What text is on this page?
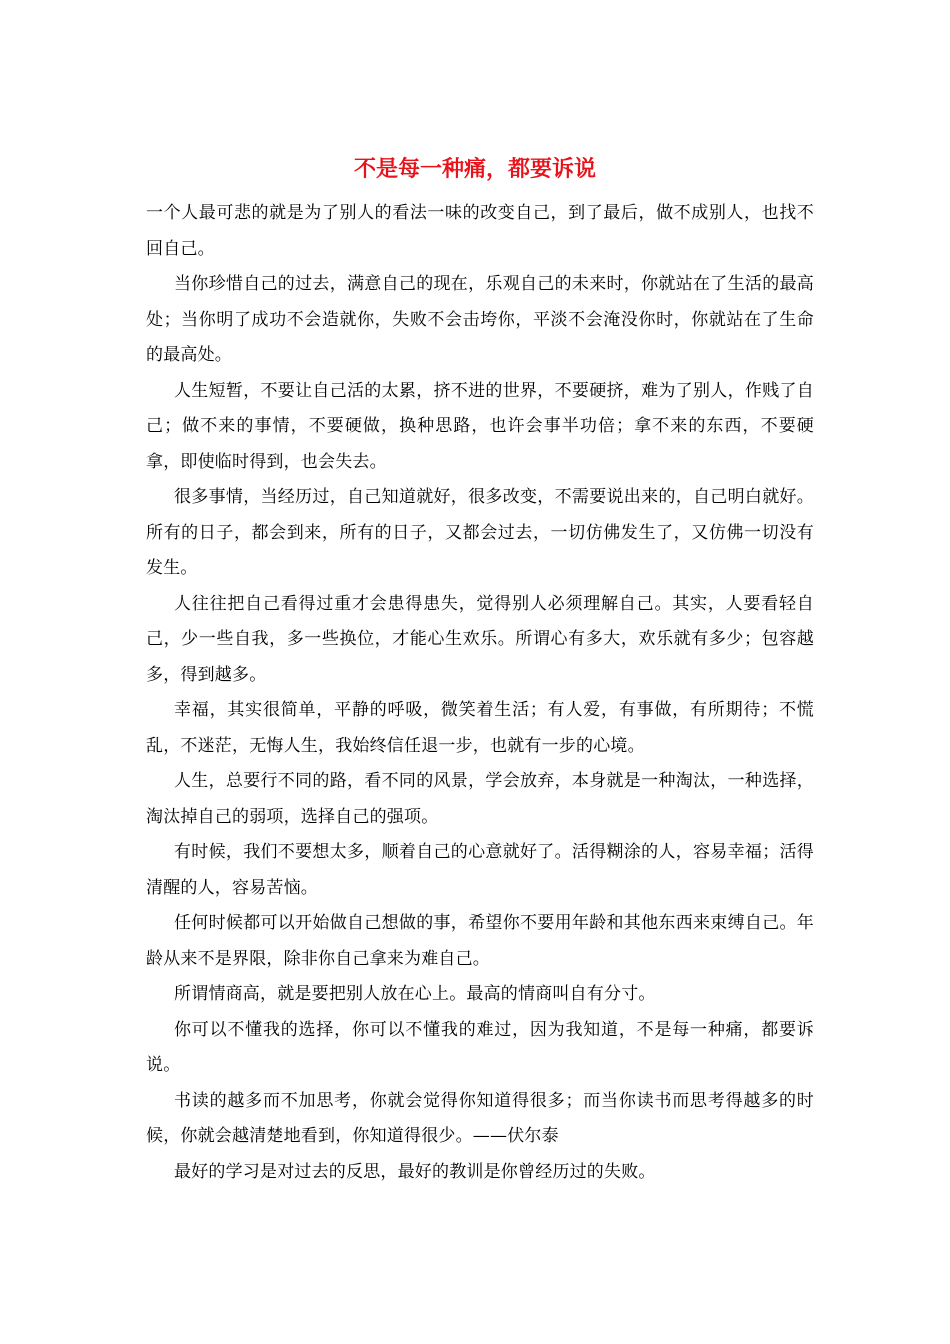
不是每一种痛，都要诉说

一个人最可悲的就是为了别人的看法一味的改变自己，到了最后，做不成别人，也找不回自己。

当你珍惜自己的过去，满意自己的现在，乐观自己的未来时，你就站在了生活的最高处；当你明了成功不会造就你，失败不会击垮你，平淡不会淹没你时，你就站在了生命的最高处。

人生短暂，不要让自己活的太累，挤不进的世界，不要硬挤，难为了别人，作贱了自己；做不来的事情，不要硬做，换种思路，也许会事半功倍；拿不来的东西，不要硬拿，即使临时得到，也会失去。

很多事情，当经历过，自己知道就好，很多改变，不需要说出来的，自己明白就好。所有的日子，都会到来，所有的日子，又都会过去，一切仿佛发生了，又仿佛一切没有发生。

人往往把自己看得过重才会患得患失，觉得别人必须理解自己。其实，人要看轻自己，少一些自我，多一些换位，才能心生欢乐。所谓心有多大，欢乐就有多少；包容越多，得到越多。

幸福，其实很简单，平静的呼吸，微笑着生活；有人爱，有事做，有所期待；不慌乱，不迷茫，无悔人生，我始终信任退一步，也就有一步的心境。

人生，总要行不同的路，看不同的风景，学会放弃，本身就是一种淘汰，一种选择，淘汰掉自己的弱项，选择自己的强项。

有时候，我们不要想太多，顺着自己的心意就好了。活得糊涂的人，容易幸福；活得清醒的人，容易苦恼。

任何时候都可以开始做自己想做的事，希望你不要用年龄和其他东西来束缚自己。年龄从来不是界限，除非你自己拿来为难自己。

所谓情商高，就是要把别人放在心上。最高的情商叫自有分寸。

你可以不懂我的选择，你可以不懂我的难过，因为我知道，不是每一种痛，都要诉说。

书读的越多而不加思考，你就会觉得你知道得很多；而当你读书而思考得越多的时候，你就会越清楚地看到，你知道得很少。——伏尔泰

最好的学习是对过去的反思，最好的教训是你曾经历过的失败。
